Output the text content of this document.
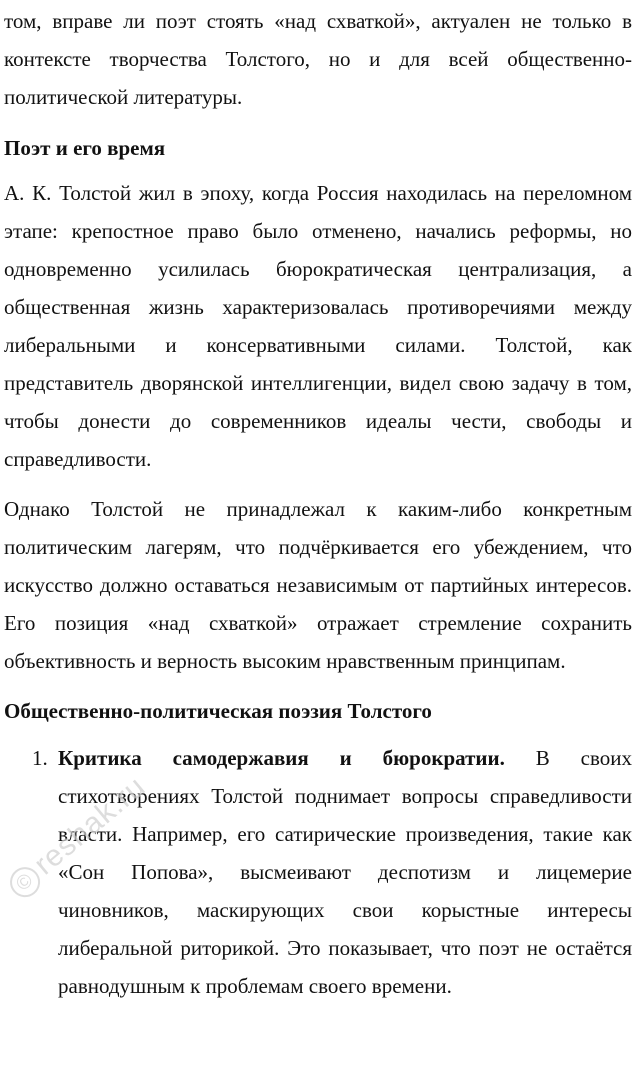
том, вправе ли поэт стоять «над схваткой», актуален не только в контексте творчества Толстого, но и для всей общественно-политической литературы.

Поэт и его время

А. К. Толстой жил в эпоху, когда Россия находилась на переломном этапе: крепостное право было отменено, начались реформы, но одновременно усилилась бюрократическая централизация, а общественная жизнь характеризовалась противоречиями между либеральными и консервативными силами. Толстой, как представитель дворянской интеллигенции, видел свою задачу в том, чтобы донести до современников идеалы чести, свободы и справедливости.

Однако Толстой не принадлежал к каким-либо конкретным политическим лагерям, что подчёркивается его убеждением, что искусство должно оставаться независимым от партийных интересов. Его позиция «над схваткой» отражает стремление сохранить объективность и верность высоким нравственным принципам.

Общественно-политическая поэзия Толстого
1. Критика самодержавия и бюрократии. В своих стихотворениях Толстой поднимает вопросы справедливости власти. Например, его сатирические произведения, такие как «Сон Попова», высмеивают деспотизм и лицемерие чиновников, маскирующих свои корыстные интересы либеральной риторикой. Это показывает, что поэт не остаётся равнодушным к проблемам своего времени.
©reshak.ru
